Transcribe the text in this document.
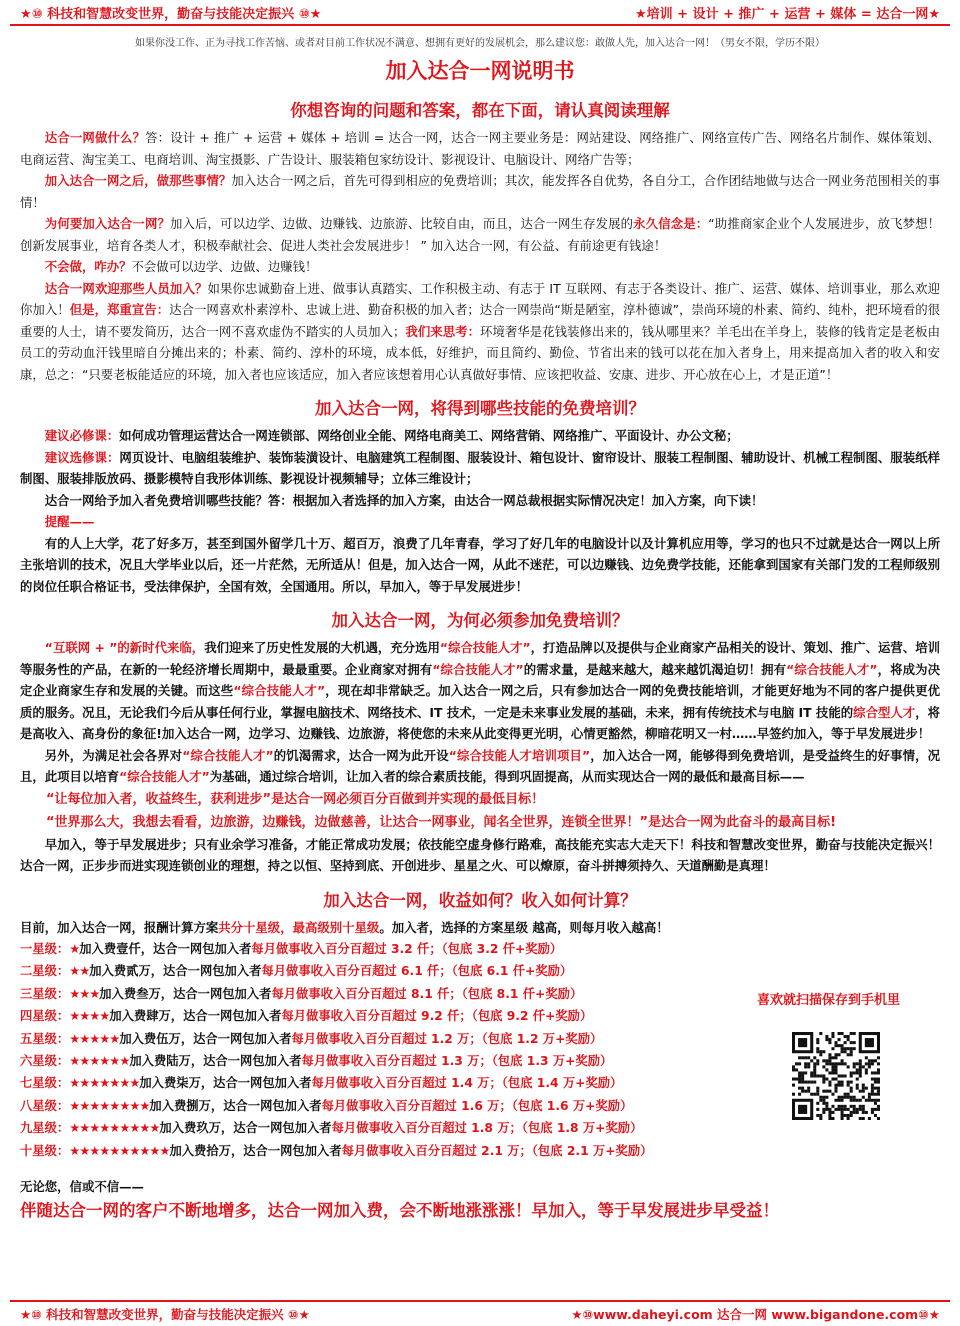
★⑩ 科技和智慧改变世界，勤奋与技能决定振兴 ⑩★	★培训 + 设计 + 推广 + 运营 + 媒体 = 达合一网★
如果你没工作、正为寻找工作苦恼、或者对目前工作状况不满意、想拥有更好的发展机会，那么建议您：敢做人先，加入达合一网！（男女不限，学历不限）
加入达合一网说明书
你想咨询的问题和答案，都在下面，请认真阅读理解

达合一网做什么？答：设计 + 推广 + 运营 + 媒体 + 培训 = 达合一网，达合一网主要业务是：网站建设、网络推广、网络宣传广告、网络名片制作、媒体策划、电商运营、淘宝美工、电商培训、淘宝摄影、广告设计、服装箱包家纺设计、影视设计、电脑设计、网络广告等；

加入达合一网之后，做那些事情？加入达合一网之后，首先可得到相应的免费培训；其次，能发挥各自优势，各自分工，合作团结地做与达合一网业务范围相关的事情！

为何要加入达合一网？加入后，可以边学、边做、边赚钱、边旅游、比较自由，而且，达合一网生存发展的永久信念是：“助推商家企业个人发展进步，放飞梦想！创新发展事业，培育各类人才，积极奉献社会、促进人类社会发展进步！ ” 加入达合一网，有公益、有前途更有钱途！

不会做，咋办？不会做可以边学、边做、边赚钱！

达合一网欢迎那些人员加入？如果你忠诚勤奋上进、做事认真踏实、工作积极主动、有志于 IT 互联网、有志于各类设计、推广、运营、媒体、培训事业，那么欢迎你加入！但是，郑重宣告：达合一网喜欢朴素淳朴、忠诚上进、勤奋积极的加入者；达合一网崇尚“斯是陋室，淳朴德诚”，崇尚环境的朴素、简约、纯朴，把环境看的很重要的人士，请不要发简历，达合一网不喜欢虚伪不踏实的人员加入；我们来思考：环境奢华是花钱装修出来的，钱从哪里来？羊毛出在羊身上，装修的钱肯定是老板由员工的劳动血汗钱里暗自分摊出来的；朴素、简约、淳朴的环境，成本低，好维护，而且简约、勤俭、节省出来的钱可以花在加入者身上，用来提高加入者的收入和安康，总之：“只要老板能适应的环境，加入者也应该适应，加入者应该想着用心认真做好事情、应该把收益、安康、进步、开心放在心上，才是正道”！

加入达合一网，将得到哪些技能的免费培训？

建议必修课：如何成功管理运营达合一网连锁部、网络创业全能、网络电商美工、网络营销、网络推广、平面设计、办公文秘；

建议选修课：网页设计、电脑组装维护、装饰装潢设计、电脑建筑工程制图、服装设计、箱包设计、窗帘设计、服装工程制图、辅助设计、机械工程制图、服装纸样制图、服装排版放码、摄影模特自我形体训练、影视设计视频辅导；立体三维设计；

达合一网给予加入者免费培训哪些技能？答：根据加入者选择的加入方案，由达合一网总裁根据实际情况决定！加入方案，向下读！

提醒——

有的人上大学，花了好多万，甚至到国外留学几十万、超百万，浪费了几年青春，学习了好几年的电脑设计以及计算机应用等，学习的也只不过就是达合一网以上所主张培训的技术，况且大学毕业以后，还一片茫然，无所适从！但是，加入达合一网，从此不迷茫，可以边赚钱、边免费学技能，还能拿到国家有关部门发的工程师级别的岗位任职合格证书，受法律保护，全国有效，全国通用。所以，早加入，等于早发展进步！

加入达合一网，为何必须参加免费培训？

“互联网 + ”的新时代来临，我们迎来了历史性发展的大机遇，充分选用“综合技能人才”，打造品牌以及提供与企业商家产品相关的设计、策划、推广、运营、培训等服务性的产品，在新的一轮经济增长周期中，最最重要。企业商家对拥有“综合技能人才”的需求量，是越来越大，越来越饥渴迫切！拥有“综合技能人才”，将成为决定企业商家生存和发展的关键。而这些“综合技能人才”，现在却非常缺乏。加入达合一网之后，只有参加达合一网的免费技能培训，才能更好地为不同的客户提供更优质的服务。况且，无论我们今后从事任何行业，掌握电脑技术、网络技术、IT 技术，一定是未来事业发展的基础，未来，拥有传统技术与电脑 IT 技能的综合型人才，将是高收入、高身份的象征!加入达合一网，边学习、边赚钱、边旅游，将使您的未来从此变得更光明，心情更豁然，柳暗花明又一村……早签约加入，等于早发展进步！

另外，为满足社会各界对“综合技能人才”的饥渴需求，达合一网为此开设“综合技能人才培训项目”，加入达合一网，能够得到免费培训，是受益终生的好事情，况且，此项目以培育“综合技能人才”为基础，通过综合培训，让加入者的综合素质技能，得到巩固提高，从而实现达合一网的最低和最高目标——

“让每位加入者，收益终生，获利进步”是达合一网必须百分百做到并实现的最低目标！

“世界那么大，我想去看看，边旅游，边赚钱，边做慈善，让达合一网事业，闻名全世界，连锁全世界！”是达合一网为此奋斗的最高目标!

早加入，等于早发展进步；只有业余学习准备，才能正常成功发展；依技能空虚身修行路难，高技能充实志大走天下！科技和智慧改变世界，勤奋与技能决定振兴！达合一网，正步步而进实现连锁创业的理想，持之以恒、坚持到底、开创进步、星星之火、可以燎原，奋斗拼搏须持久、天道酬勤是真理！

加入达合一网，收益如何？收入如何计算？

目前，加入达合一网，报酬计算方案共分十星级，最高级别十星级。加入者，选择的方案星级 越高，则每月收入越高！

一星级：★加入费壹仟，达合一网包加入者每月做事收入百分百超过 3.2 仟；（包底 3.2 仟+奖励）
二星级：★★加入费贰万，达合一网包加入者每月做事收入百分百超过 6.1 仟；（包底 6.1 仟+奖励）
三星级：★★★加入费叁万，达合一网包加入者每月做事收入百分百超过 8.1 仟；（包底 8.1 仟+奖励）
四星级：★★★★加入费肆万，达合一网包加入者每月做事收入百分百超过 9.2 仟；（包底 9.2 仟+奖励）
五星级：★★★★★加入费伍万，达合一网包加入者每月做事收入百分百超过 1.2 万；（包底 1.2 万+奖励）
六星级：★★★★★★加入费陆万，达合一网包加入者每月做事收入百分百超过 1.3 万；（包底 1.3 万+奖励）
七星级：★★★★★★★加入费柒万，达合一网包加入者每月做事收入百分百超过 1.4 万；（包底 1.4 万+奖励）
八星级：★★★★★★★★加入费捌万，达合一网包加入者每月做事收入百分百超过 1.6 万；（包底 1.6 万+奖励）
九星级：★★★★★★★★★加入费玖万，达合一网包加入者每月做事收入百分百超过 1.8 万；（包底 1.8 万+奖励）
十星级：★★★★★★★★★★加入费拾万，达合一网包加入者每月做事收入百分百超过 2.1 万；（包底 2.1 万+奖励）
喜欢就扫描保存到手机里

无论您，信或不信——

伴随达合一网的客户不断地增多，达合一网加入费，会不断地涨涨涨！早加入，等于早发展进步早受益！

★⑩ 科技和智慧改变世界，勤奋与技能决定振兴 ⑩★	★⑩www.daheyi.com 达合一网 www.bigandone.com⑩★
